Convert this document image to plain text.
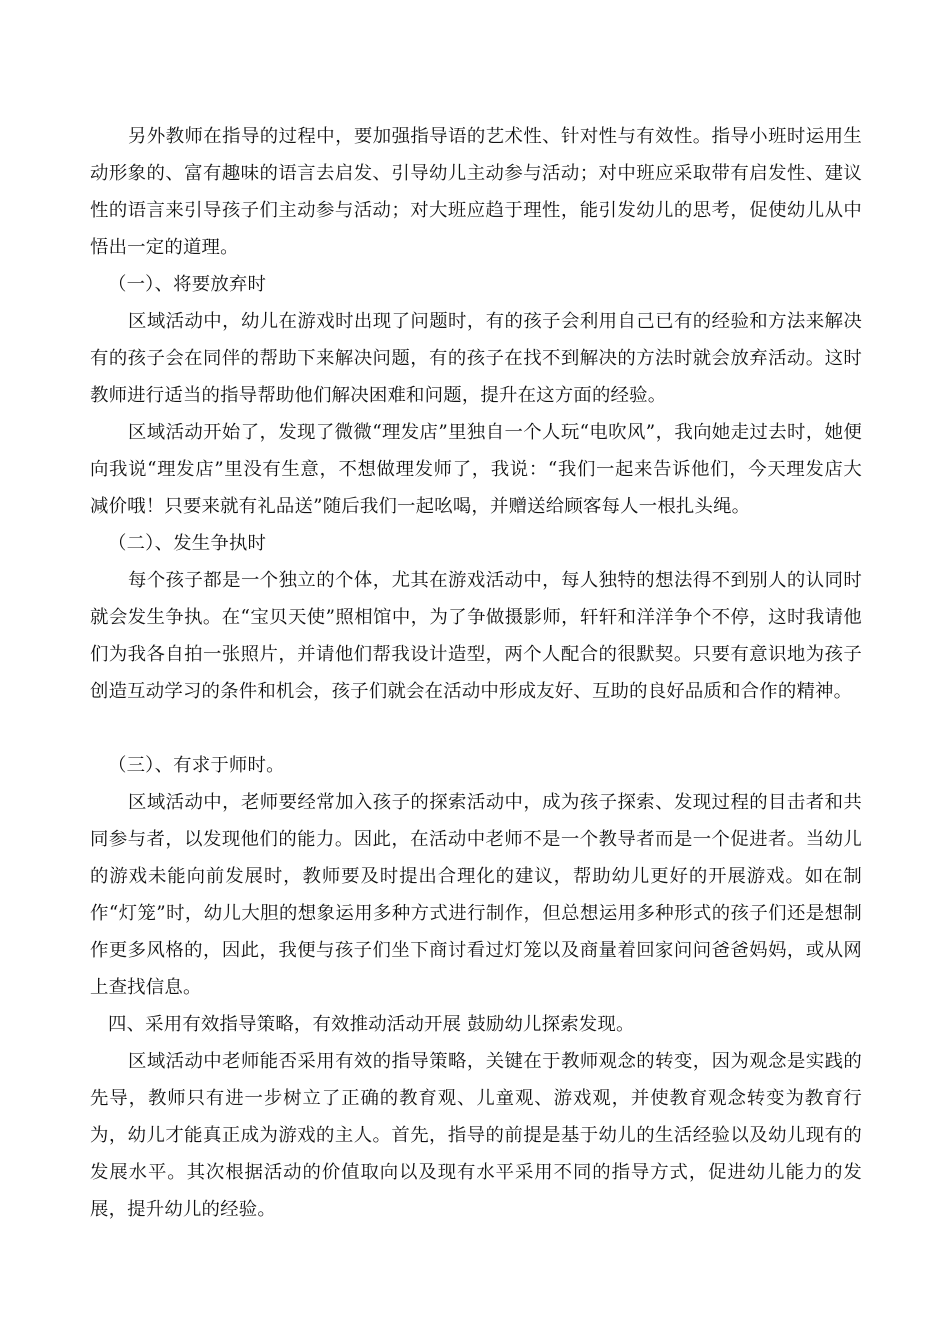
另外教师在指导的过程中，要加强指导语的艺术性、针对性与有效性。指导小班时运用生动形象的、富有趣味的语言去启发、引导幼儿主动参与活动；对中班应采取带有启发性、建议性的语言来引导孩子们主动参与活动；对大班应趋于理性，能引发幼儿的思考，促使幼儿从中悟出一定的道理。

（一）、将要放弃时

区域活动中，幼儿在游戏时出现了问题时，有的孩子会利用自己已有的经验和方法来解决有的孩子会在同伴的帮助下来解决问题，有的孩子在找不到解决的方法时就会放弃活动。这时教师进行适当的指导帮助他们解决困难和问题，提升在这方面的经验。

区域活动开始了，发现了微微“理发店”里独自一个人玩“电吹风”，我向她走过去时，她便向我说“理发店”里没有生意，不想做理发师了，我说：“我们一起来告诉他们，今天理发店大减价哦！只要来就有礼品送”随后我们一起吆喝，并赠送给顾客每人一根扎头绳。

（二）、发生争执时

每个孩子都是一个独立的个体，尤其在游戏活动中，每人独特的想法得不到别人的认同时就会发生争执。在“宝贝天使”照相馆中，为了争做摄影师，轩轩和洋洋争个不停，这时我请他们为我各自拍一张照片，并请他们帮我设计造型，两个人配合的很默契。只要有意识地为孩子创造互动学习的条件和机会，孩子们就会在活动中形成友好、互助的良好品质和合作的精神。

（三）、有求于师时。

区域活动中，老师要经常加入孩子的探索活动中，成为孩子探索、发现过程的目击者和共同参与者，以发现他们的能力。因此，在活动中老师不是一个教导者而是一个促进者。当幼儿的游戏未能向前发展时，教师要及时提出合理化的建议，帮助幼儿更好的开展游戏。如在制作“灯笼”时，幼儿大胆的想象运用多种方式进行制作，但总想运用多种形式的孩子们还是想制作更多风格的，因此，我便与孩子们坐下商讨看过灯笼以及商量着回家问问爸爸妈妈，或从网上查找信息。

四、采用有效指导策略，有效推动活动开展 鼓励幼儿探索发现。

区域活动中老师能否采用有效的指导策略，关键在于教师观念的转变，因为观念是实践的先导，教师只有进一步树立了正确的教育观、儿童观、游戏观，并使教育观念转变为教育行为，幼儿才能真正成为游戏的主人。首先，指导的前提是基于幼儿的生活经验以及幼儿现有的发展水平。其次根据活动的价值取向以及现有水平采用不同的指导方式，促进幼儿能力的发展，提升幼儿的经验。
